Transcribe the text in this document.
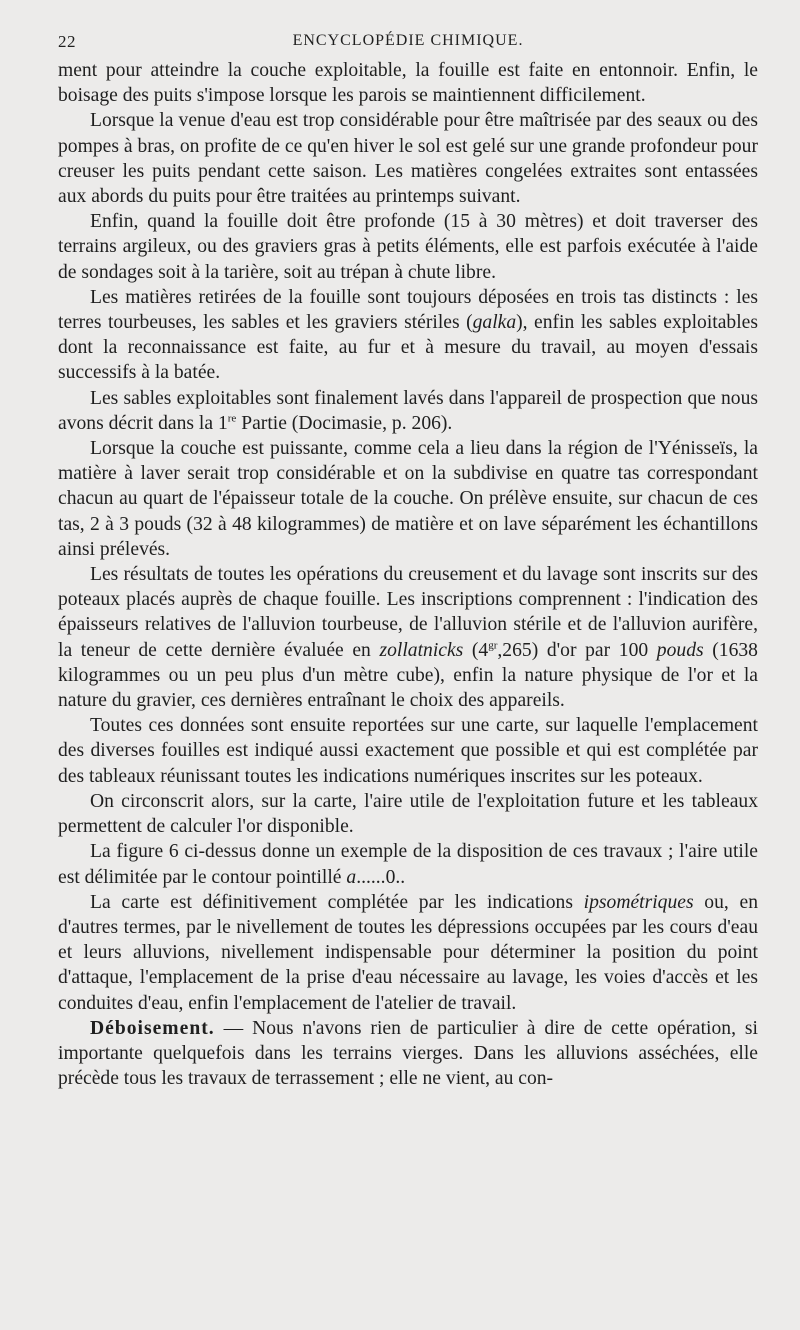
22	ENCYCLOPÉDIE CHIMIQUE.

ment pour atteindre la couche exploitable, la fouille est faite en entonnoir. Enfin, le boisage des puits s'impose lorsque les parois se maintiennent difficilement.

Lorsque la venue d'eau est trop considérable pour être maîtrisée par des seaux ou des pompes à bras, on profite de ce qu'en hiver le sol est gelé sur une grande profondeur pour creuser les puits pendant cette saison. Les matières congelées extraites sont entassées aux abords du puits pour être traitées au printemps suivant.

Enfin, quand la fouille doit être profonde (15 à 30 mètres) et doit traverser des terrains argileux, ou des graviers gras à petits éléments, elle est parfois exécutée à l'aide de sondages soit à la tarière, soit au trépan à chute libre.

Les matières retirées de la fouille sont toujours déposées en trois tas distincts : les terres tourbeuses, les sables et les graviers stériles (galka), enfin les sables exploitables dont la reconnaissance est faite, au fur et à mesure du travail, au moyen d'essais successifs à la batée.

Les sables exploitables sont finalement lavés dans l'appareil de prospection que nous avons décrit dans la 1re Partie (Docimasie, p. 206).

Lorsque la couche est puissante, comme cela a lieu dans la région de l'Yénisseïs, la matière à laver serait trop considérable et on la subdivise en quatre tas correspondant chacun au quart de l'épaisseur totale de la couche. On prélève ensuite, sur chacun de ces tas, 2 à 3 pouds (32 à 48 kilogrammes) de matière et on lave séparément les échantillons ainsi prélevés.

Les résultats de toutes les opérations du creusement et du lavage sont inscrits sur des poteaux placés auprès de chaque fouille. Les inscriptions comprennent : l'indication des épaisseurs relatives de l'alluvion tourbeuse, de l'alluvion stérile et de l'alluvion aurifère, la teneur de cette dernière évaluée en zollatnicks $(4^{gr},265)$ d'or par 100 pouds (1638 kilogrammes ou un peu plus d'un mètre cube), enfin la nature physique de l'or et la nature du gravier, ces dernières entraînant le choix des appareils.

Toutes ces données sont ensuite reportées sur une carte, sur laquelle l'emplacement des diverses fouilles est indiqué aussi exactement que possible et qui est complétée par des tableaux réunissant toutes les indications numériques inscrites sur les poteaux.

On circonscrit alors, sur la carte, l'aire utile de l'exploitation future et les tableaux permettent de calculer l'or disponible.

La figure 6 ci-dessus donne un exemple de la disposition de ces travaux ; l'aire utile est délimitée par le contour pointillé a......0..

La carte est définitivement complétée par les indications ipsométriques ou, en d'autres termes, par le nivellement de toutes les dépressions occupées par les cours d'eau et leurs alluvions, nivellement indispensable pour déterminer la position du point d'attaque, l'emplacement de la prise d'eau nécessaire au lavage, les voies d'accès et les conduites d'eau, enfin l'emplacement de l'atelier de travail.

Déboisement. — Nous n'avons rien de particulier à dire de cette opération, si importante quelquefois dans les terrains vierges. Dans les alluvions asséchées, elle précède tous les travaux de terrassement ; elle ne vient, au con-
